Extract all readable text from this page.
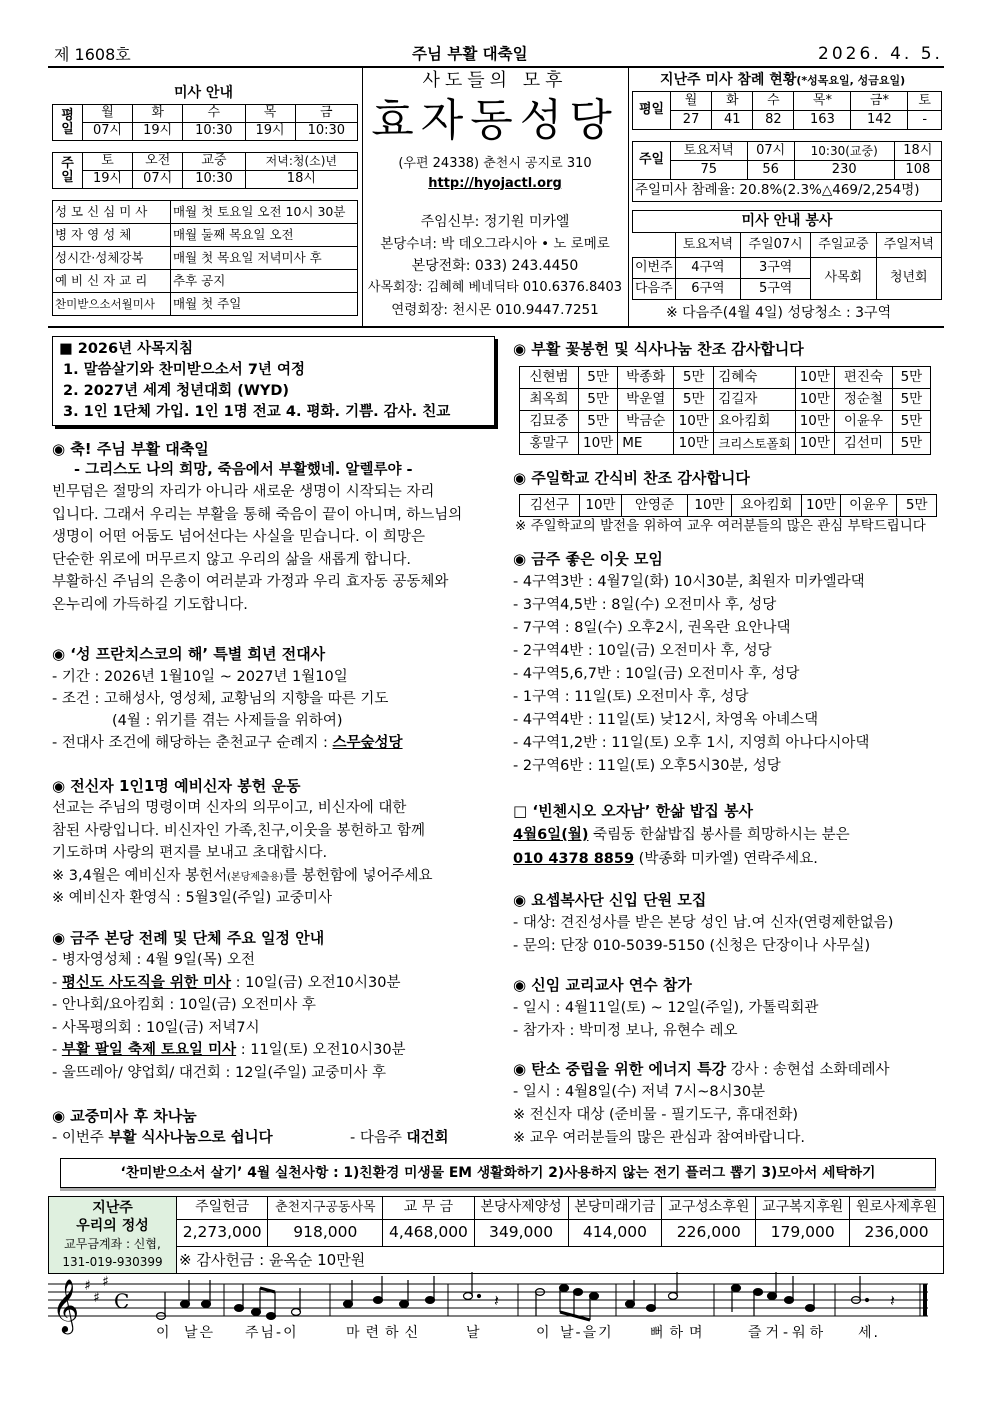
제 1608호	주님 부활 대축일	2026. 4. 5.
미사 안내
평일	월	화	수	목	금
	07시	19시	10:30	19시	10:30
주일	토	오전	교중	저녁:청(소)년
	19시	07시	10:30	18시
성 모 신 심 미 사	매월 첫 토요일 오전 10시 30분
병 자 영 성 체	매월 둘째 목요일 오전
성시간·성체강복	매월 첫 목요일 저녁미사 후
예 비 신 자 교 리	추후 공지
찬미받으소서월미사	매월 첫 주일
사도들의 모후
효자동성당
(우편 24338) 춘천시 공지로 310
http://hyojactl.org
주임신부: 정기원 미카엘
본당수녀: 박 데오그라시아 • 노 로메로
본당전화: 033) 243.4450
사목회장: 김혜혜 베네딕타 010.6376.8403
연령회장: 천시몬 010.9447.7251
지난주 미사 참례 현황(*성목요일, 성금요일)
평일	월	화	수	목*	금*	토
	27	41	82	163	142	-
주일	토요저녁	07시	10:30(교중)	18시
	75	56	230	108
주일미사 참례율: 20.8%(2.3%△469/2,254명)				
미사 안내 봉사				
	토요저녁	주일07시	주일교중	주일저녁
이번주	4구역	3구역	사목회	청년회
다음주	6구역	5구역		
※ 다음주(4월 4일) 성당청소 : 3구역
■ 2026년 사목지침
1. 말씀살기와 찬미받으소서 7년 여정
2. 2027년 세계 청년대회 (WYD)
3. 1인 1단체 가입. 1인 1명 전교 4. 평화. 기쁨. 감사. 친교
◉ 축! 주님 부활 대축일
- 그리스도 나의 희망, 죽음에서 부활했네. 알렐루야 -
빈무덤은 절망의 자리가 아니라 새로운 생명이 시작되는 자리
입니다. 그래서 우리는 부활을 통해 죽음이 끝이 아니며, 하느님의
생명이 어떤 어둠도 넘어선다는 사실을 믿습니다. 이 희망은
단순한 위로에 머무르지 않고 우리의 삶을 새롭게 합니다.
부활하신 주님의 은총이 여러분과 가정과 우리 효자동 공동체와
온누리에 가득하길 기도합니다.
◉ ‘성 프란치스코의 해’ 특별 희년 전대사
- 기간 : 2026년 1월10일 ~ 2027년 1월10일
- 조건 : 고해성사, 영성체, 교황님의 지향을 따른 기도
(4월 : 위기를 겪는 사제들을 위하여)
- 전대사 조건에 해당하는 춘천교구 순례지 : 스무숲성당
◉ 전신자 1인1명 예비신자 봉헌 운동
선교는 주님의 명령이며 신자의 의무이고, 비신자에 대한
참된 사랑입니다. 비신자인 가족,친구,이웃을 봉헌하고 함께
기도하며 사랑의 편지를 보내고 초대합시다.
※ 3,4월은 예비신자 봉헌서(본당제출용)를 봉헌함에 넣어주세요
※ 예비신자 환영식 : 5월3일(주일) 교중미사
◉ 금주 본당 전례 및 단체 주요 일정 안내
- 병자영성체 : 4월 9일(목) 오전
- 평신도 사도직을 위한 미사 : 10일(금) 오전10시30분
- 안나회/요아킴회 : 10일(금) 오전미사 후
- 사목평의회 : 10일(금) 저녁7시
- 부활 팔일 축제 토요일 미사 : 11일(토) 오전10시30분
- 울뜨레아/ 양업회/ 대건회 : 12일(주일) 교중미사 후
◉ 교중미사 후 차나눔
- 이번주 부활 식사나눔으로 쉽니다	- 다음주 대건회
◉ 부활 꽃봉헌 및 식사나눔 찬조 감사합니다
신현범	5만	박종화	5만	김혜숙	10만	편진숙	5만
최옥희	5만	박운열	5만	김길자	10만	정순철	5만
김묘중	5만	박금순	10만	요아킴회	10만	이윤우	5만
홍말구	10만	ME	10만	크리스토폴회	10만	김선미	5만
◉ 주일학교 간식비 찬조 감사합니다
김선구	10만	안영준	10만	요아킴회	10만	이윤우	5만
※ 주일학교의 발전을 위하여 교우 여러분들의 많은 관심 부탁드립니다
◉ 금주 좋은 이웃 모임
- 4구역3반 : 4월7일(화) 10시30분, 최원자 미카엘라댁
- 3구역4,5반 : 8일(수) 오전미사 후, 성당
- 7구역 : 8일(수) 오후2시, 권옥란 요안나댁
- 2구역4반 : 10일(금) 오전미사 후, 성당
- 4구역5,6,7반 : 10일(금) 오전미사 후, 성당
- 1구역 : 11일(토) 오전미사 후, 성당
- 4구역4반 : 11일(토) 낮12시, 차영옥 아녜스댁
- 4구역1,2반 : 11일(토) 오후 1시, 지영희 아나다시아댁
- 2구역6반 : 11일(토) 오후5시30분, 성당
□ ‘빈첸시오 오자남’ 한삶 밥집 봉사
4월6일(월) 죽림동 한삶밥집 봉사를 희망하시는 분은
010 4378 8859 (박종화 미카엘) 연락주세요.
◉ 요셉복사단 신입 단원 모집
- 대상: 견진성사를 받은 본당 성인 남.여 신자(연령제한없음)
- 문의: 단장 010-5039-5150 (신청은 단장이나 사무실)
◉ 신임 교리교사 연수 참가
- 일시 : 4월11일(토) ~ 12일(주일), 가톨릭회관
- 참가자 : 박미정 보나, 유현수 레오
◉ 탄소 중립을 위한 에너지 특강 강사 : 송현섭 소화데레사
- 일시 : 4월8일(수) 저녁 7시~8시30분
※ 전신자 대상 (준비물 - 필기도구, 휴대전화)
※ 교우 여러분들의 많은 관심과 참여바랍니다.
‘찬미받으소서 살기’ 4월 실천사항 : 1)친환경 미생물 EM 생활화하기 2)사용하지 않는 전기 플러그 뽑기 3)모아서 세탁하기
지난주
우리의 정성
교무금계좌 : 신협,
131-019-930399	주일헌금	춘천지구공동사목	교 무 금	본당사제양성	본당미래기금	교구성소후원	교구복지후원	원로사제후원
	2,273,000	918,000	4,468,000	349,000	414,000	226,000	179,000	236,000
	※ 감사헌금 : 윤옥순 10만원							
𝄞 ♯
♯
♯
C	𝄽	𝄽
이 날은 주님-이	마련하신	날	이 날-을기	뻐하며	즐거-워하 세.
